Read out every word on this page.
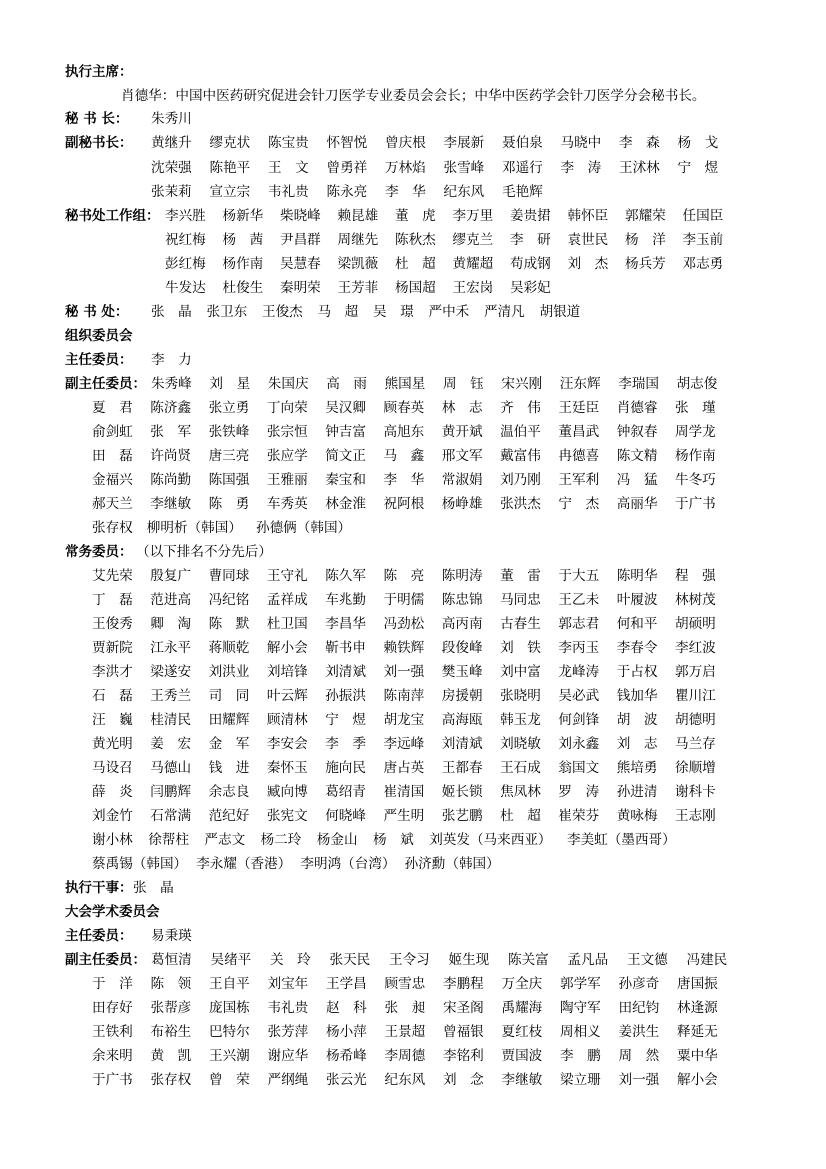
执行主席：
肖德华：中国中医药研究促进会针刀医学专业委员会会长；中华中医药学会针刀医学分会秘书长。
秘 书 长： 朱秀川
副秘书长： 黄继升 缪克状 陈宝贵 怀智悦 曾庆根 李展新 聂伯泉 马晓中 李　森 杨　戈
沈荣强 陈艳平 王　文 曾勇祥 万林焰 张雪峰 邓遥行 李　涛 王沭林 宁　煜
张茉莉 宣立宗 韦礼贵 陈永亮 李　华 纪东风 毛艳辉
秘书处工作组： 李兴胜 杨新华 柴晓峰 赖昆雄 董　虎 李万里 姜贵捃 韩怀臣 郭耀荣 任国臣
祝红梅 杨　茜 尹昌群 周继先 陈秋杰 缪克兰 李　研 袁世民 杨　洋 李玉前
彭红梅 杨作南 吴慧春 梁凯薇 杜　超 黄耀超 苟成钢 刘　杰 杨兵芳 邓志勇
牛发达 杜俊生 秦明荣 王芳菲 杨国超 王宏岗 吴彩妃
秘 书 处： 张　晶 张卫东 王俊杰 马　超 吴　璟 严中禾 严清凡 胡银道
组织委员会
主任委员： 李　力
副主任委员： 朱秀峰 刘　星 朱国庆 高　雨 熊国星 周　钰 宋兴刚 汪东辉 李瑞国 胡志俊
夏　君 陈济鑫 张立勇 丁向荣 吴汉卿 顾春英 林　志 齐　伟 王廷臣 肖德睿 张　瑾
俞剑虹 张　军 张铁峰 张宗恒 钟吉富 高旭东 黄开斌 温伯平 董昌武 钟叙春 周学龙
田　磊 许尚贤 唐三亮 张应学 简文正 马　鑫 邢文军 戴富伟 冉德喜 陈文精 杨作南
金福兴 陈尚勤 陈国强 王雅丽 秦宝和 李　华 常淑娟 刘乃刚 王军利 冯　猛 牛冬巧
郝天兰 李继敏 陈　勇 车秀英 林金淮 祝阿根 杨峥雄 张洪杰 宁　杰 高丽华 于广书
张存权 柳明析（韩国） 孙德俩（韩国）
常务委员： （以下排名不分先后）
艾先荣 殷复广 曹同球 王守礼 陈久军 陈　亮 陈明涛 董　雷 于大五 陈明华 程　强
丁　磊 范进高 冯纪铭 孟祥成 车兆勤 于明儒 陈忠锦 马同忠 王乙未 叶履波 林树茂
王俊秀 卿　淘 陈　默 杜卫国 李昌华 冯劲松 高丙南 古春生 郭志君 何和平 胡硕明
贾新院 江永平 蒋顺乾 解小会 靳书申 赖铁辉 段俊峰 刘　铁 李丙玉 李春令 李红波
李洪才 梁遂安 刘洪业 刘培锋 刘清斌 刘一强 樊玉峰 刘中富 龙峰涛 于占权 郭万启
石　磊 王秀兰 司　同 叶云辉 孙振洪 陈南萍 房援朝 张晓明 吴必武 钱加华 瞿川江
汪　巍 桂清民 田耀辉 顾清林 宁　煜 胡龙宝 高海瓯 韩玉龙 何剑锋 胡　波 胡德明
黄光明 姜　宏 金　军 李安会 李　季 李远峰 刘清斌 刘晓敏 刘永鑫 刘　志 马兰存
马设召 马德山 钱　进 秦怀玉 施向民 唐占英 王都春 王石成 翁国文 熊培勇 徐顺增
薛　炎 闫鹏辉 余志良 臧向博 葛绍青 崔清国 姬长锁 焦凤林 罗　涛 孙进清 谢科卡
刘金竹 石常满 范纪好 张宪文 何晓峰 严生明 张艺鹏 杜　超 崔荣芬 黄咏梅 王志刚
谢小林 徐帮柱 严志文 杨二玲 杨金山 杨　斌 刘英发（马来西亚） 李美虹（墨西哥）
蔡禹锡（韩国） 李永耀（香港） 李明鸿（台湾） 孙济勳（韩国）
执行干事： 张　晶
大会学术委员会
主任委员： 易秉瑛
副主任委员： 葛恒清 吴绪平 关　玲 张天民 王令习 姬生现 陈关富 孟凡品 王文德 冯建民
于　洋 陈　领 王自平 刘宝年 王学昌 顾雪忠 李鹏程 万全庆 郭学军 孙彦奇 唐国振
田存好 张帮彦 庞国栋 韦礼贵 赵　科 张　昶 宋圣阁 禹耀海 陶守军 田纪钧 林逢源
王铁利 布裕生 巴特尔 张芳萍 杨小萍 王景超 曾福银 夏红枝 周相义 姜洪生 释延无
余来明 黄　凯 王兴潮 谢应华 杨希峰 李周德 李铭利 贾国波 李　鹏 周　然 粟中华
于广书 张存权 曾　荣 严纲绳 张云光 纪东风 刘　念 李继敏 梁立珊 刘一强 解小会
